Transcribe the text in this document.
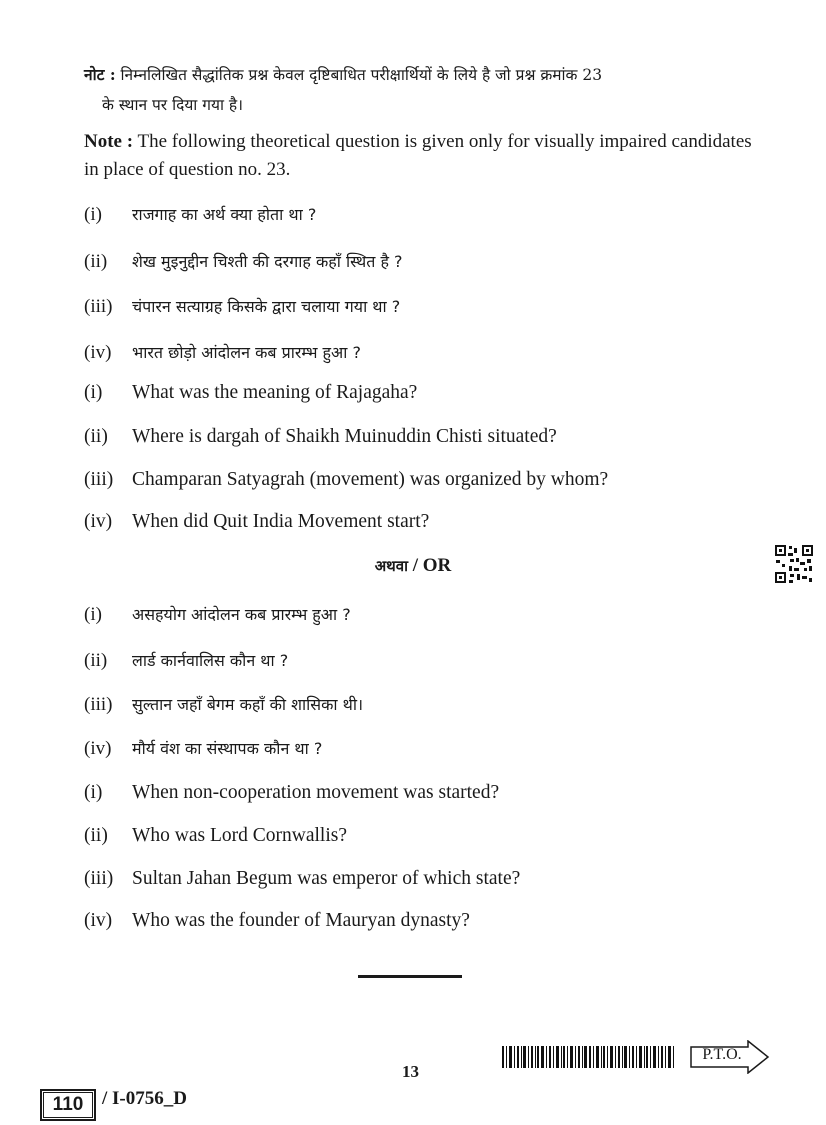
नोट : निम्नलिखित सैद्धांतिक प्रश्न केवल दृष्टिबाधित परीक्षार्थियों के लिये है जो प्रश्न क्रमांक 23
के स्थान पर दिया गया है।
Note : The following theoretical question is given only for visually impaired candidates in place of question no. 23.
(i) राजगाह का अर्थ क्या होता था ?
(ii) शेख मुइनुद्दीन चिश्ती की दरगाह कहाँ स्थित है ?
(iii) चंपारन सत्याग्रह किसके द्वारा चलाया गया था ?
(iv) भारत छोड़ो आंदोलन कब प्रारम्भ हुआ ?
(i) What was the meaning of Rajagaha?
(ii) Where is dargah of Shaikh Muinuddin Chisti situated?
(iii) Champaran Satyagrah (movement) was organized by whom?
(iv) When did Quit India Movement start?
अथवा / OR
(i) असहयोग आंदोलन कब प्रारम्भ हुआ ?
(ii) लार्ड कार्नवालिस कौन था ?
(iii) सुल्तान जहाँ बेगम कहाँ की शासिका थी।
(iv) मौर्य वंश का संस्थापक कौन था ?
(i) When non-cooperation movement was started?
(ii) Who was Lord Cornwallis?
(iii) Sultan Jahan Begum was emperor of which state?
(iv) Who was the founder of Mauryan dynasty?
13
P.T.O.
110 / I-0756_D
